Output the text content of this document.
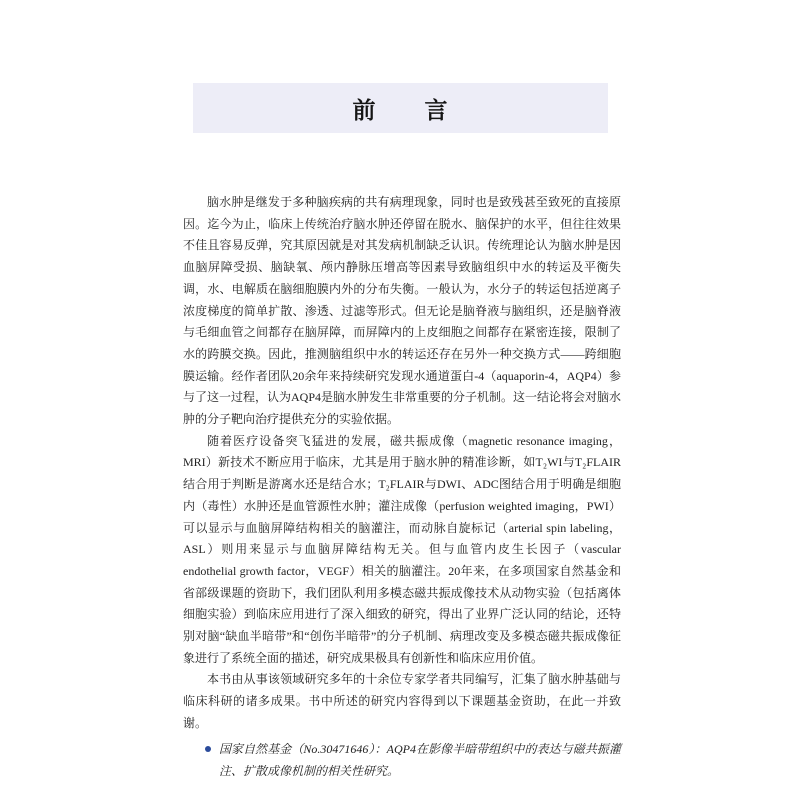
前　　言

脑水肿是继发于多种脑疾病的共有病理现象，同时也是致残甚至致死的直接原因。迄今为止，临床上传统治疗脑水肿还停留在脱水、脑保护的水平，但往往效果不佳且容易反弹，究其原因就是对其发病机制缺乏认识。传统理论认为脑水肿是因血脑屏障受损、脑缺氧、颅内静脉压增高等因素导致脑组织中水的转运及平衡失调，水、电解质在脑细胞膜内外的分布失衡。一般认为，水分子的转运包括逆离子浓度梯度的简单扩散、渗透、过滤等形式。但无论是脑脊液与脑组织，还是脑脊液与毛细血管之间都存在脑屏障，而屏障内的上皮细胞之间都存在紧密连接，限制了水的跨膜交换。因此，推测脑组织中水的转运还存在另外一种交换方式——跨细胞膜运输。经作者团队20余年来持续研究发现水通道蛋白-4（aquaporin-4，AQP4）参与了这一过程，认为AQP4是脑水肿发生非常重要的分子机制。这一结论将会对脑水肿的分子靶向治疗提供充分的实验依据。

随着医疗设备突飞猛进的发展，磁共振成像（magnetic resonance imaging，MRI）新技术不断应用于临床，尤其是用于脑水肿的精准诊断，如T₂WI与T₂FLAIR结合用于判断是游离水还是结合水；T₂FLAIR与DWI、ADC图结合用于明确是细胞内（毒性）水肿还是血管源性水肿；灌注成像（perfusion weighted imaging，PWI）可以显示与血脑屏障结构相关的脑灌注，而动脉自旋标记（arterial spin labeling，ASL）则用来显示与血脑屏障结构无关。但与血管内皮生长因子（vascular endothelial growth factor，VEGF）相关的脑灌注。20年来，在多项国家自然基金和省部级课题的资助下，我们团队利用多模态磁共振成像技术从动物实验（包括离体细胞实验）到临床应用进行了深入细致的研究，得出了业界广泛认同的结论，还特别对脑“缺血半暗带”和“创伤半暗带”的分子机制、病理改变及多模态磁共振成像征象进行了系统全面的描述，研究成果极具有创新性和临床应用价值。

本书由从事该领域研究多年的十余位专家学者共同编写，汇集了脑水肿基础与临床科研的诸多成果。书中所述的研究内容得到以下课题基金资助，在此一并致谢。

国家自然基金（No.30471646）：AQP4在影像半暗带组织中的表达与磁共振灌注、扩散成像机制的相关性研究。
